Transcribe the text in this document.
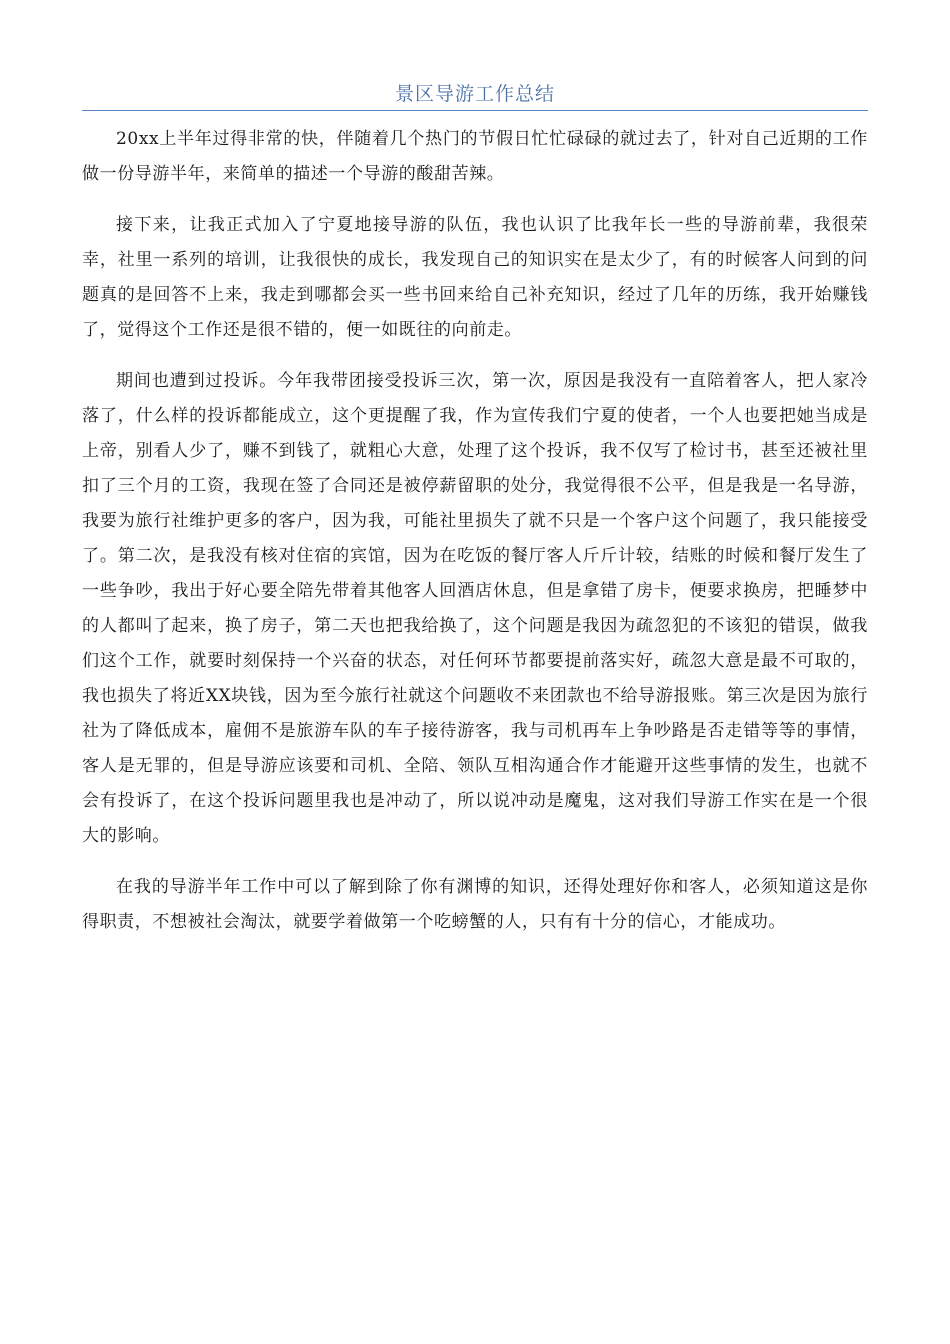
景区导游工作总结

20xx上半年过得非常的快，伴随着几个热门的节假日忙忙碌碌的就过去了，针对自己近期的工作做一份导游半年，来简单的描述一个导游的酸甜苦辣。

接下来，让我正式加入了宁夏地接导游的队伍，我也认识了比我年长一些的导游前辈，我很荣幸，社里一系列的培训，让我很快的成长，我发现自己的知识实在是太少了，有的时候客人问到的问题真的是回答不上来，我走到哪都会买一些书回来给自己补充知识，经过了几年的历练，我开始赚钱了，觉得这个工作还是很不错的，便一如既往的向前走。

期间也遭到过投诉。今年我带团接受投诉三次，第一次，原因是我没有一直陪着客人，把人家冷落了，什么样的投诉都能成立，这个更提醒了我，作为宣传我们宁夏的使者，一个人也要把她当成是上帝，别看人少了，赚不到钱了，就粗心大意，处理了这个投诉，我不仅写了检讨书，甚至还被社里扣了三个月的工资，我现在签了合同还是被停薪留职的处分，我觉得很不公平，但是我是一名导游，我要为旅行社维护更多的客户，因为我，可能社里损失了就不只是一个客户这个问题了，我只能接受了。第二次，是我没有核对住宿的宾馆，因为在吃饭的餐厅客人斤斤计较，结账的时候和餐厅发生了一些争吵，我出于好心要全陪先带着其他客人回酒店休息，但是拿错了房卡，便要求换房，把睡梦中的人都叫了起来，换了房子，第二天也把我给换了，这个问题是我因为疏忽犯的不该犯的错误，做我们这个工作，就要时刻保持一个兴奋的状态，对任何环节都要提前落实好，疏忽大意是最不可取的，我也损失了将近XX块钱，因为至今旅行社就这个问题收不来团款也不给导游报账。第三次是因为旅行社为了降低成本，雇佣不是旅游车队的车子接待游客，我与司机再车上争吵路是否走错等等的事情，客人是无罪的，但是导游应该要和司机、全陪、领队互相沟通合作才能避开这些事情的发生，也就不会有投诉了，在这个投诉问题里我也是冲动了，所以说冲动是魔鬼，这对我们导游工作实在是一个很大的影响。

在我的导游半年工作中可以了解到除了你有渊博的知识，还得处理好你和客人，必须知道这是你得职责，不想被社会淘汰，就要学着做第一个吃螃蟹的人，只有有十分的信心，才能成功。
